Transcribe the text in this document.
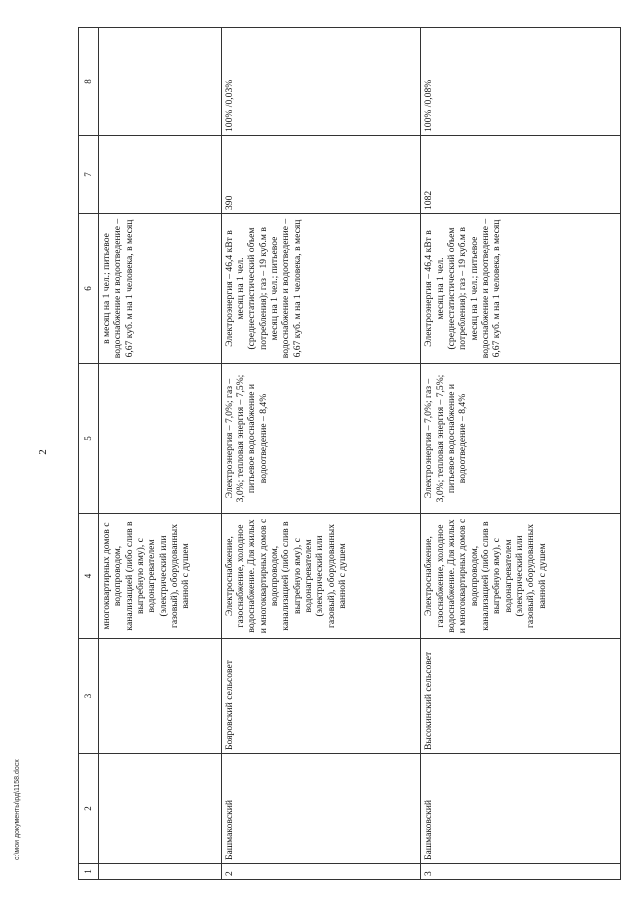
2
1	2	3	4	5	6	7	8
			многоквартирных домов с водопроводом, канализацией (либо слив в выгребную яму), с водонагревателем (электрический или газовый), оборудованных ванной с душем		в месяц на 1 чел.; питьевое водоснабжение и водоотведение – 6,67 куб. м на 1 человека, в месяц		
2	Башмаковский	Бояровский сельсовет	Электроснабжение, газоснабжение, холодное водоснабжение. Для жилых и многоквартирных домов с водопроводом, канализацией (либо слив в выгребную яму), с водонагревателем (электрический или газовый), оборудованных ванной с душем	Электроэнергия – 7,0%; газ – 3,0%; тепловая энергия – 7,5%; питьевое водоснабжение и водоотведение – 8,4%	Электроэнергия – 46,4 кВт в месяц на 1 чел. (среднестатистический объем потребления); газ – 19 куб.м в месяц на 1 чел.; питьевое водоснабжение и водоотведение – 6,67 куб. м на 1 человека, в месяц	390	100% /0,03%
3	Башмаковский	Высокинский сельсовет	Электроснабжение, газоснабжение, холодное водоснабжение. Для жилых и многоквартирных домов с водопроводом, канализацией (либо слив в выгребную яму), с водонагревателем (электрический или газовый), оборудованных ванной с душем	Электроэнергия – 7,0%; газ – 3,0%; тепловая энергия – 7,5%; питьевое водоснабжение и водоотведение – 8,4%	Электроэнергия – 46,4 кВт в месяц на 1 чел. (среднестатистический объем потребления); газ – 19 куб.м в месяц на 1 чел.; питьевое водоснабжение и водоотведение – 6,67 куб. м на 1 человека, в месяц	1082	100% /0,08%
c:\мои документы\рд\1158.docx
